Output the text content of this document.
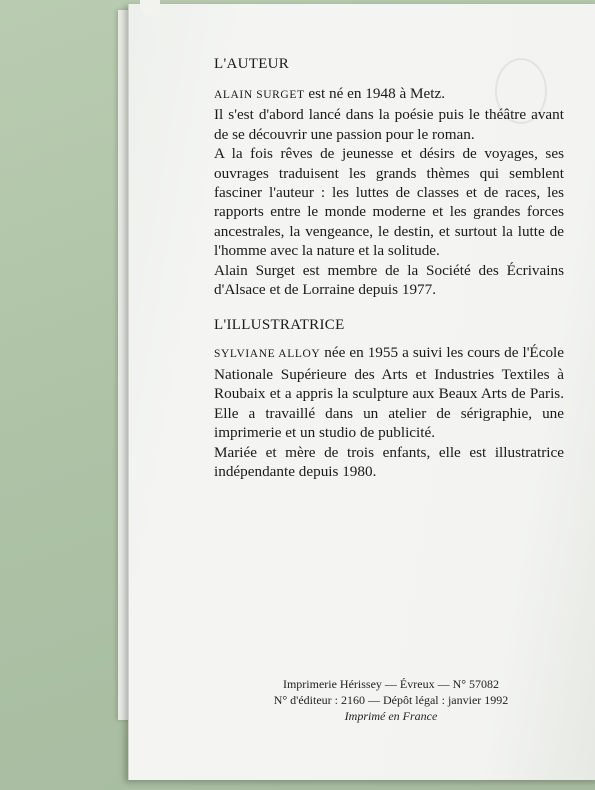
L'AUTEUR

ALAIN SURGET est né en 1948 à Metz.

Il s'est d'abord lancé dans la poésie puis le théâtre avant de se découvrir une passion pour le roman.

A la fois rêves de jeunesse et désirs de voyages, ses ouvrages traduisent les grands thèmes qui semblent fasciner l'auteur : les luttes de classes et de races, les rapports entre le monde moderne et les grandes forces ancestrales, la vengeance, le destin, et surtout la lutte de l'homme avec la nature et la solitude.

Alain Surget est membre de la Société des Écrivains d'Alsace et de Lorraine depuis 1977.

L'ILLUSTRATRICE

SYLVIANE ALLOY née en 1955 a suivi les cours de l'École Nationale Supérieure des Arts et Industries Textiles à Roubaix et a appris la sculpture aux Beaux Arts de Paris. Elle a travaillé dans un atelier de sérigraphie, une imprimerie et un studio de publicité.

Mariée et mère de trois enfants, elle est illustratrice indépendante depuis 1980.

Imprimerie Hérissey — Évreux — N° 57082
N° d'éditeur : 2160 — Dépôt légal : janvier 1992
Imprimé en France
